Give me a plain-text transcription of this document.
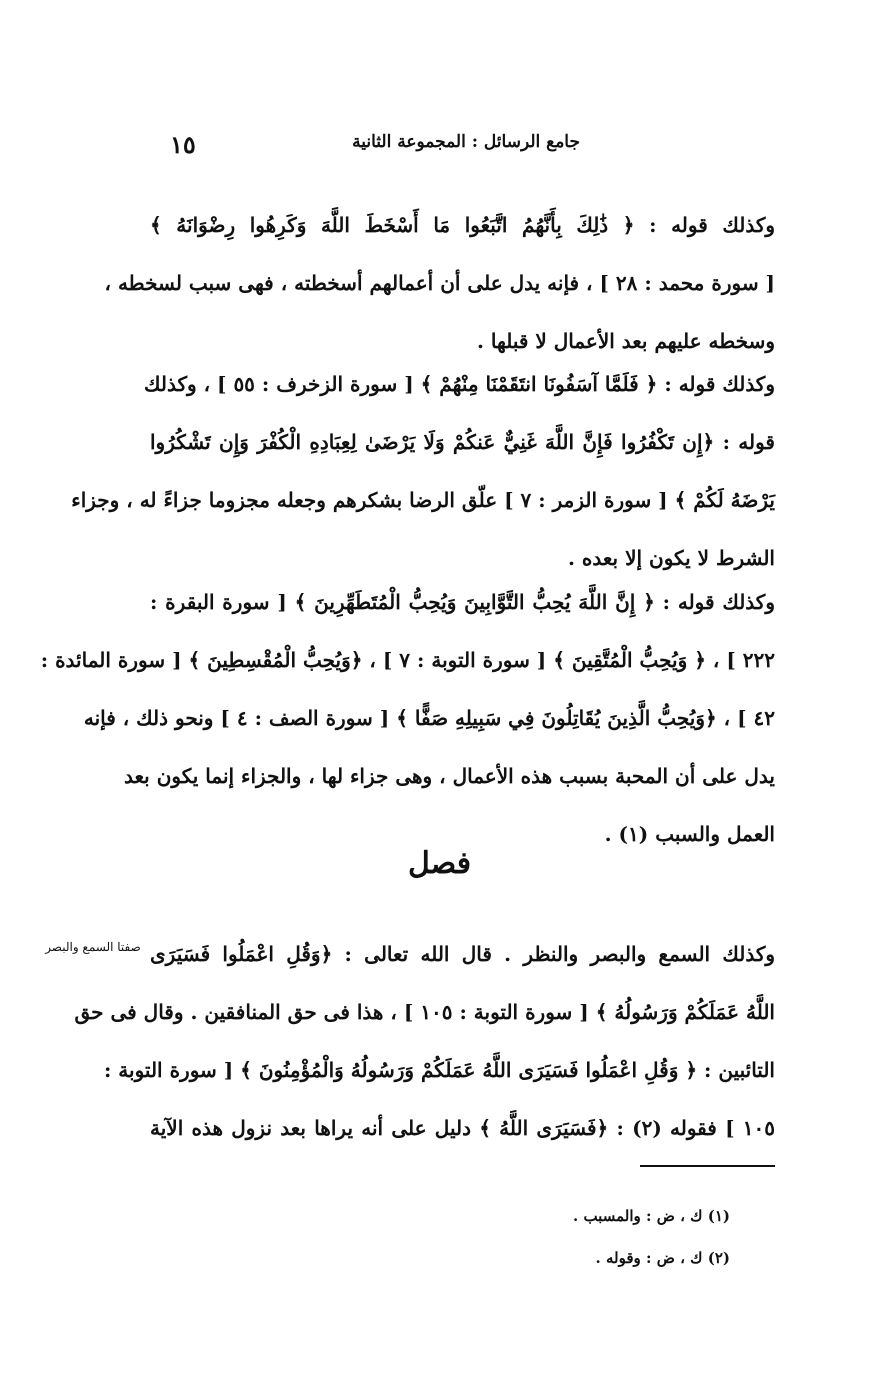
١٥	جامع الرسائل : المجموعة الثانية
وكذلك قوله : ﴿ ذَٰلِكَ بِأَنَّهُمُ اتَّبَعُوا مَا أَسْخَطَ اللَّهَ وَكَرِهُوا رِضْوَانَهُ ﴾
[ سورة محمد : ٢٨ ] ، فإنه يدل على أن أعمالهم أسخطته ، فهى سبب لسخطه ،
وسخطه عليهم بعد الأعمال لا قبلها .
وكذلك قوله : ﴿ فَلَمَّا آسَفُونَا انتَقَمْنَا مِنْهُمْ ﴾ [ سورة الزخرف : ٥٥ ] ، وكذلك
قوله : ﴿إِن تَكْفُرُوا فَإِنَّ اللَّهَ غَنِيٌّ عَنكُمْ وَلَا يَرْضَىٰ لِعِبَادِهِ الْكُفْرَ وَإِن تَشْكُرُوا
يَرْضَهُ لَكُمْ ﴾ [ سورة الزمر : ٧ ] علّق الرضا بشكرهم وجعله مجزوما جزاءً له ، وجزاء
الشرط لا يكون إلا بعده .
وكذلك قوله : ﴿ إِنَّ اللَّهَ يُحِبُّ التَّوَّابِينَ وَيُحِبُّ الْمُتَطَهِّرِينَ ﴾ [ سورة البقرة :
٢٢٢ ] ، ﴿ وَيُحِبُّ الْمُتَّقِينَ ﴾ [ سورة التوبة : ٧ ] ، ﴿وَيُحِبُّ الْمُقْسِطِينَ ﴾ [ سورة المائدة :
٤٢ ] ، ﴿وَيُحِبُّ الَّذِينَ يُقَاتِلُونَ فِي سَبِيلِهِ صَفًّا ﴾ [ سورة الصف : ٤ ] ونحو ذلك ، فإنه
يدل على أن المحبة بسبب هذه الأعمال ، وهى جزاء لها ، والجزاء إنما يكون بعد
العمل والسبب (١) .
فصل
صفتا السمع والبصر وكذلك السمع والبصر والنظر . قال الله تعالى : ﴿وَقُلِ اعْمَلُوا فَسَيَرَى
اللَّهُ عَمَلَكُمْ وَرَسُولُهُ ﴾ [ سورة التوبة : ١٠٥ ] ، هذا فى حق المنافقين . وقال فى حق
التائبين : ﴿ وَقُلِ اعْمَلُوا فَسَيَرَى اللَّهُ عَمَلَكُمْ وَرَسُولُهُ وَالْمُؤْمِنُونَ ﴾ [ سورة التوبة :
١٠٥ ] فقوله (٢) : ﴿فَسَيَرَى اللَّهُ ﴾ دليل على أنه يراها بعد نزول هذه الآية
(١) ك ، ض : والمسبب .
(٢) ك ، ض : وقوله .
